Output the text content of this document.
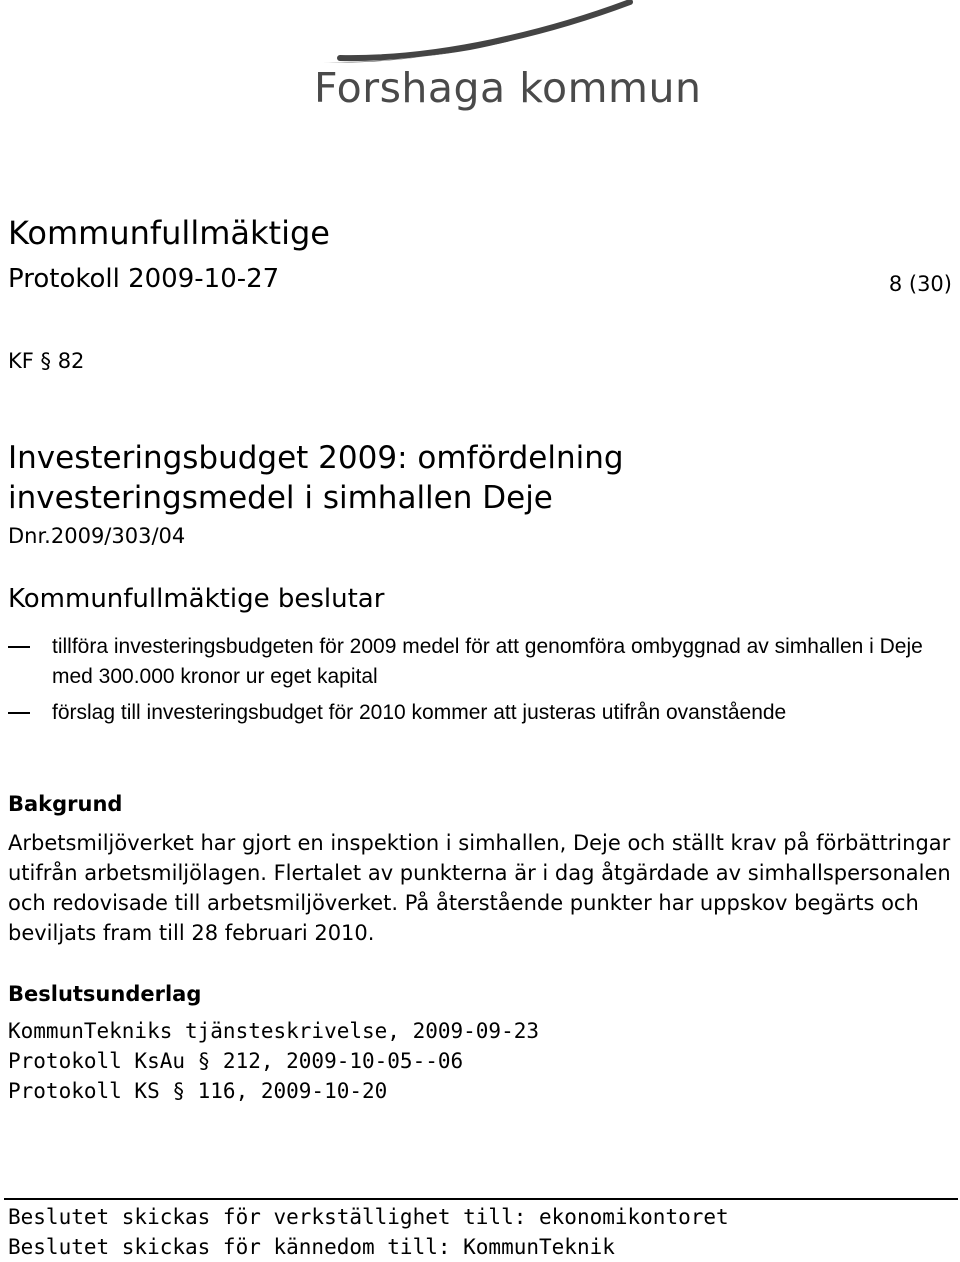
Forshaga kommun
Kommunfullmäktige
Protokoll 2009-10-27	8 (30)
KF § 82
Investeringsbudget 2009: omfördelning
investeringsmedel i simhallen Deje
Dnr.2009/303/04
Kommunfullmäktige beslutar
tillföra investeringsbudgeten för 2009 medel för att genomföra ombyggnad av simhallen i Deje med 300.000 kronor ur eget kapital
förslag till investeringsbudget för 2010 kommer att justeras utifrån ovanstående
Bakgrund
Arbetsmiljöverket har gjort en inspektion i simhallen, Deje och ställt krav på förbättringar utifrån arbetsmiljölagen. Flertalet av punkterna är i dag åtgärdade av simhallspersonalen och redovisade till arbetsmiljöverket. På återstående punkter har uppskov begärts och beviljats fram till 28 februari 2010.
Beslutsunderlag
KommunTekniks tjänsteskrivelse, 2009-09-23
Protokoll KsAu § 212, 2009-10-05--06
Protokoll KS § 116, 2009-10-20
Beslutet skickas för verkställighet till: ekonomikontoret
Beslutet skickas för kännedom till: KommunTeknik
